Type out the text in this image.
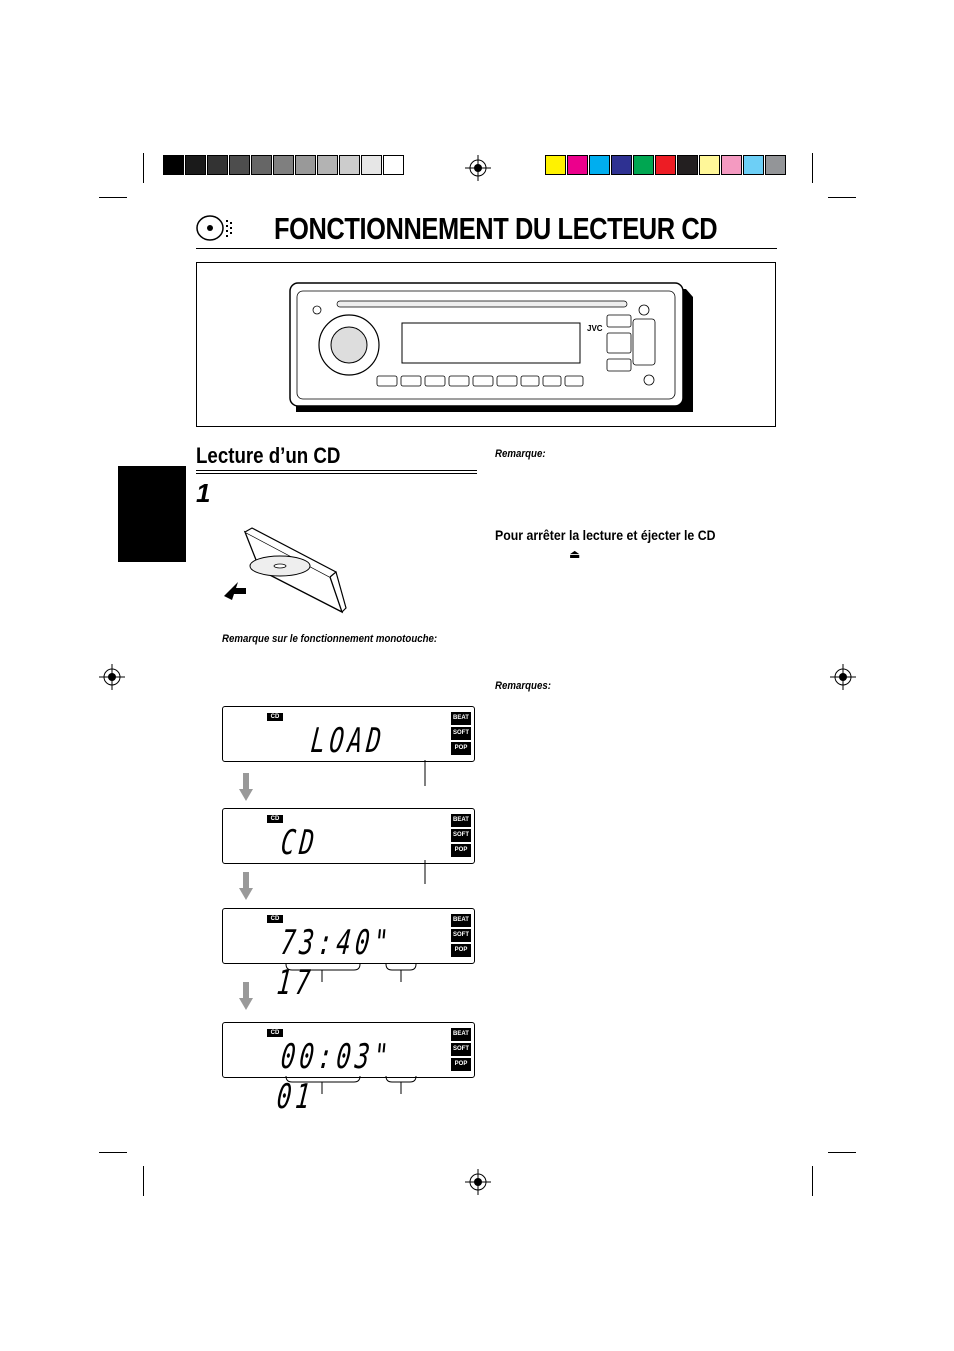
FONCTIONNEMENT DU LECTEUR CD
JVC
Lecture d’un CD
1
Remarque sur le fonctionnement monotouche:
CD
LOAD
BEAT
SOFT
POP
CD
CD
BEAT
SOFT
POP
CD
73:40" 17
BEAT
SOFT
POP
CD
00:03" 01
BEAT
SOFT
POP
Remarque:
Pour arrêter la lecture et éjecter le CD
⏏
Remarques:
